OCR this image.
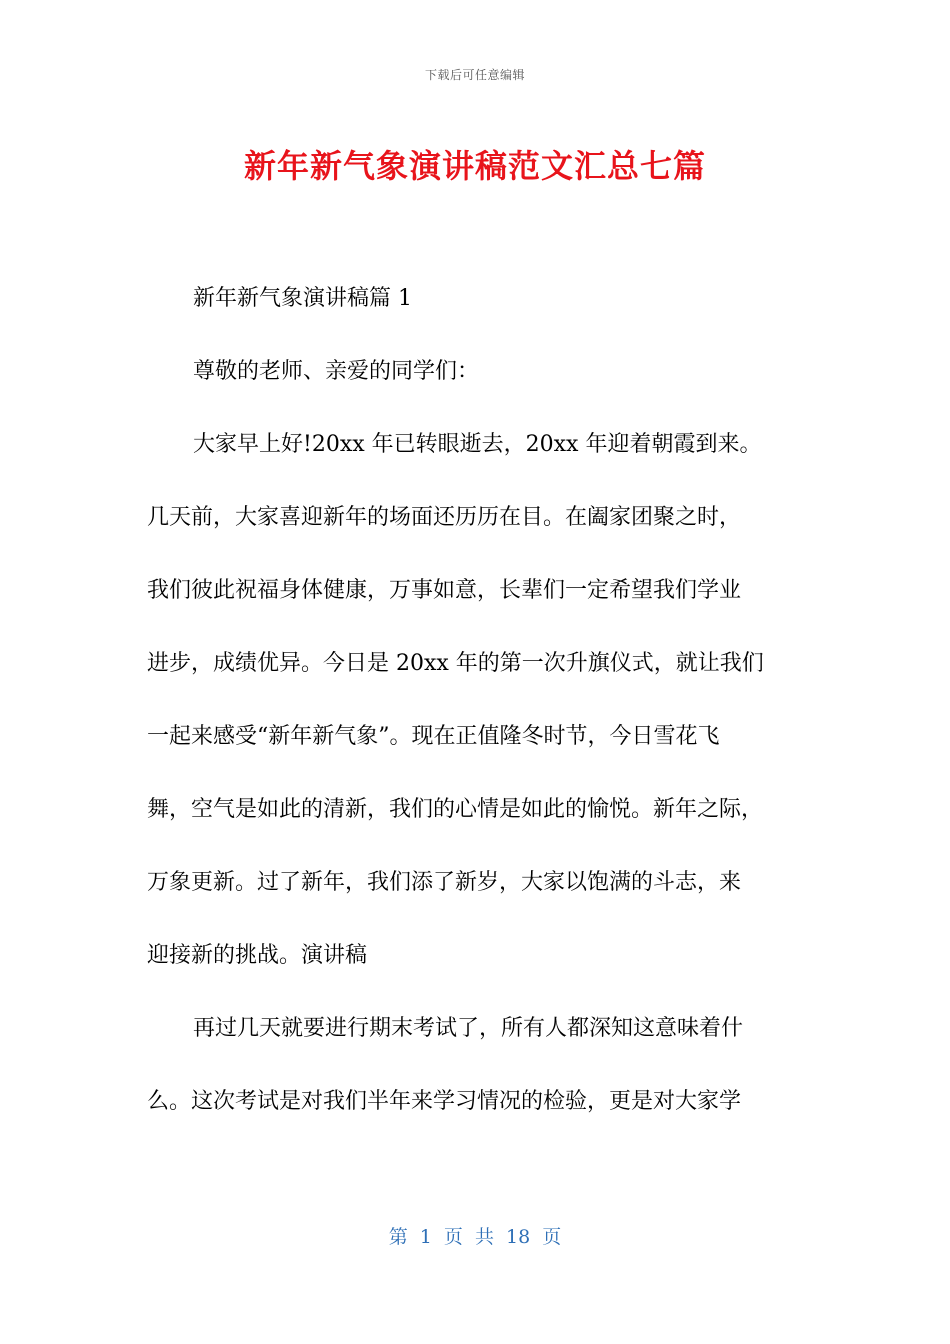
下载后可任意编辑
新年新气象演讲稿范文汇总七篇
新年新气象演讲稿篇 1
尊敬的老师、亲爱的同学们：
大家早上好!20xx 年已转眼逝去，20xx 年迎着朝霞到来。
几天前，大家喜迎新年的场面还历历在目。在阖家团聚之时，
我们彼此祝福身体健康，万事如意，长辈们一定希望我们学业
进步，成绩优异。今日是 20xx 年的第一次升旗仪式，就让我们
一起来感受“新年新气象”。现在正值隆冬时节，今日雪花飞
舞，空气是如此的清新，我们的心情是如此的愉悦。新年之际，
万象更新。过了新年，我们添了新岁，大家以饱满的斗志，来
迎接新的挑战。演讲稿
再过几天就要进行期末考试了，所有人都深知这意味着什
么。这次考试是对我们半年来学习情况的检验，更是对大家学
第 1 页 共 18 页
